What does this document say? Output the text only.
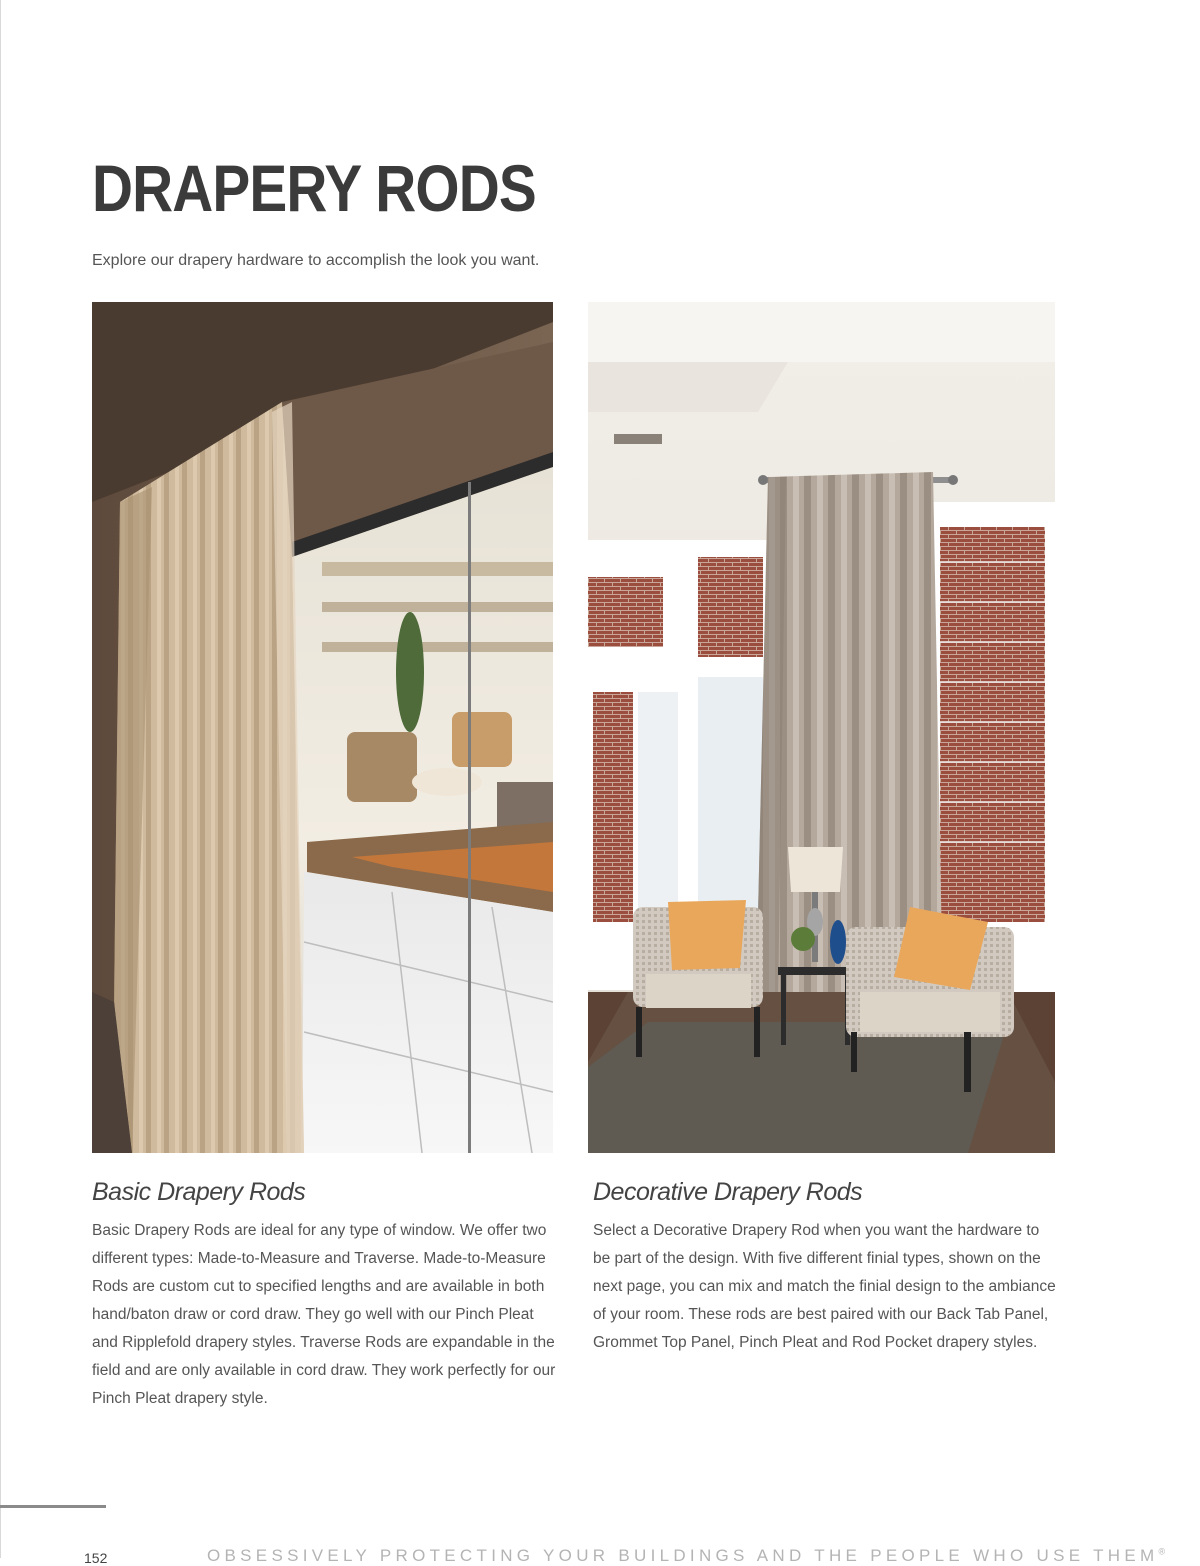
DRAPERY RODS

Explore our drapery hardware to accomplish the look you want.

Basic Drapery Rods

Basic Drapery Rods are ideal for any type of window. We offer two different types: Made-to-Measure and Traverse. Made-to-Measure Rods are custom cut to specified lengths and are available in both hand/baton draw or cord draw. They go well with our Pinch Pleat and Ripplefold drapery styles. Traverse Rods are expandable in the field and are only available in cord draw. They work perfectly for our Pinch Pleat drapery style.

Decorative Drapery Rods

Select a Decorative Drapery Rod when you want the hardware to be part of the design. With five different finial types, shown on the next page, you can mix and match the finial design to the ambiance of your room. These rods are best paired with our Back Tab Panel, Grommet Top Panel, Pinch Pleat and Rod Pocket drapery styles.

152	OBSESSIVELY PROTECTING YOUR BUILDINGS AND THE PEOPLE WHO USE THEM®
